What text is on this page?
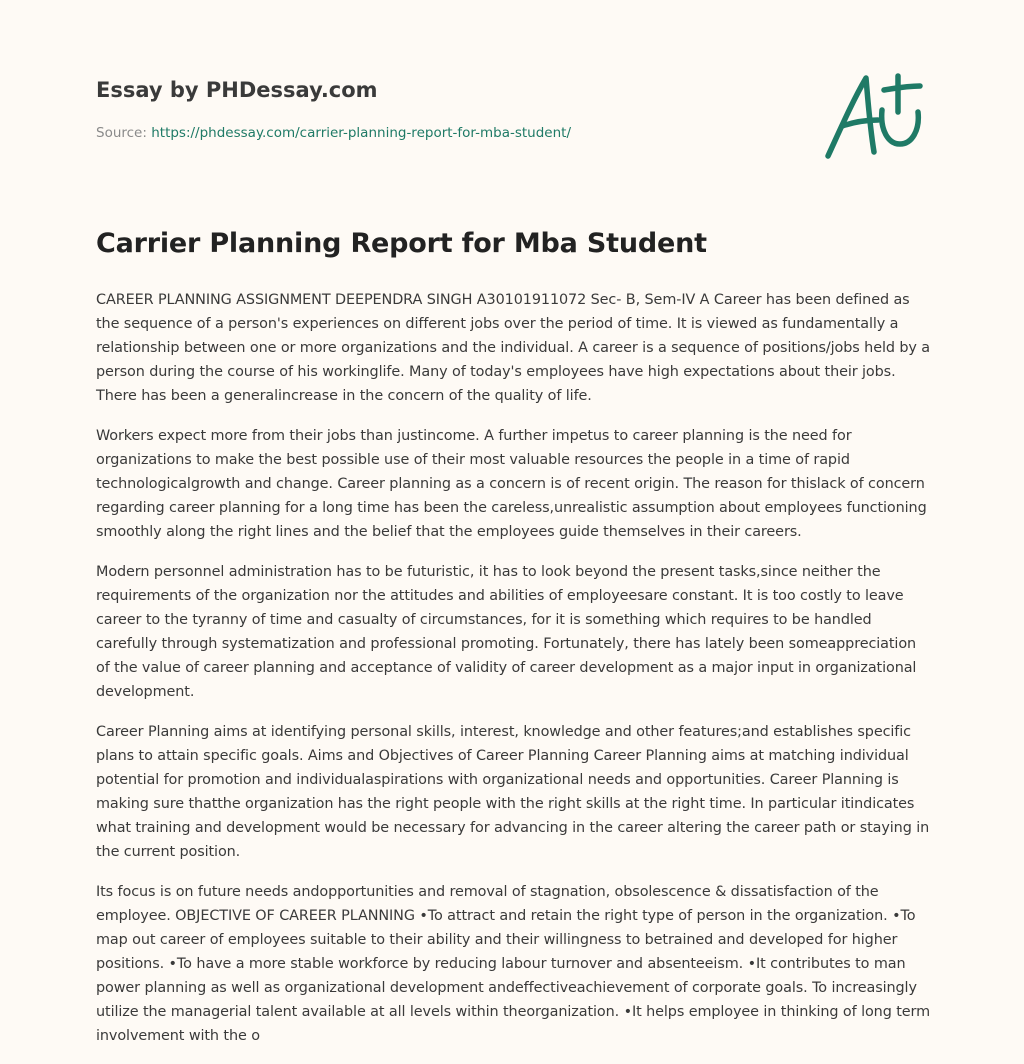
Essay by PHDessay.com
Source: https://phdessay.com/carrier-planning-report-for-mba-student/
Carrier Planning Report for Mba Student

CAREER PLANNING ASSIGNMENT DEEPENDRA SINGH A30101911072 Sec- B, Sem-IV A Career has been defined as the sequence of a person's experiences on different jobs over the period of time. It is viewed as fundamentally a relationship between one or more organizations and the individual. A career is a sequence of positions/jobs held by a person during the course of his workinglife. Many of today's employees have high expectations about their jobs. There has been a generalincrease in the concern of the quality of life.

Workers expect more from their jobs than justincome. A further impetus to career planning is the need for organizations to make the best possible use of their most valuable resources the people in a time of rapid technologicalgrowth and change. Career planning as a concern is of recent origin. The reason for thislack of concern regarding career planning for a long time has been the careless,unrealistic assumption about employees functioning smoothly along the right lines and the belief that the employees guide themselves in their careers.

Modern personnel administration has to be futuristic, it has to look beyond the present tasks,since neither the requirements of the organization nor the attitudes and abilities of employeesare constant. It is too costly to leave career to the tyranny of time and casualty of circumstances, for it is something which requires to be handled carefully through systematization and professional promoting. Fortunately, there has lately been someappreciation of the value of career planning and acceptance of validity of career development as a major input in organizational development.

Career Planning aims at identifying personal skills, interest, knowledge and other features;and establishes specific plans to attain specific goals. Aims and Objectives of Career Planning Career Planning aims at matching individual potential for promotion and individualaspirations with organizational needs and opportunities. Career Planning is making sure thatthe organization has the right people with the right skills at the right time. In particular itindicates what training and development would be necessary for advancing in the career altering the career path or staying in the current position.

Its focus is on future needs andopportunities and removal of stagnation, obsolescence & dissatisfaction of the employee. OBJECTIVE OF CAREER PLANNING •To attract and retain the right type of person in the organization. •To map out career of employees suitable to their ability and their willingness to betrained and developed for higher positions. •To have a more stable workforce by reducing labour turnover and absenteeism. •It contributes to man power planning as well as organizational development andeffectiveachievement of corporate goals. To increasingly utilize the managerial talent available at all levels within theorganization. •It helps employee in thinking of long term involvement with the o
